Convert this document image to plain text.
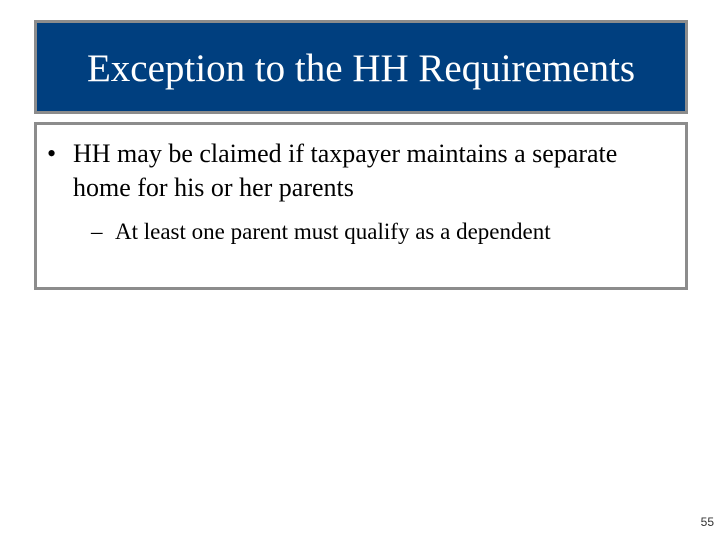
Exception to the HH Requirements
• HH may be claimed if taxpayer maintains a separate home for his or her parents
– At least one parent must qualify as a dependent
55
